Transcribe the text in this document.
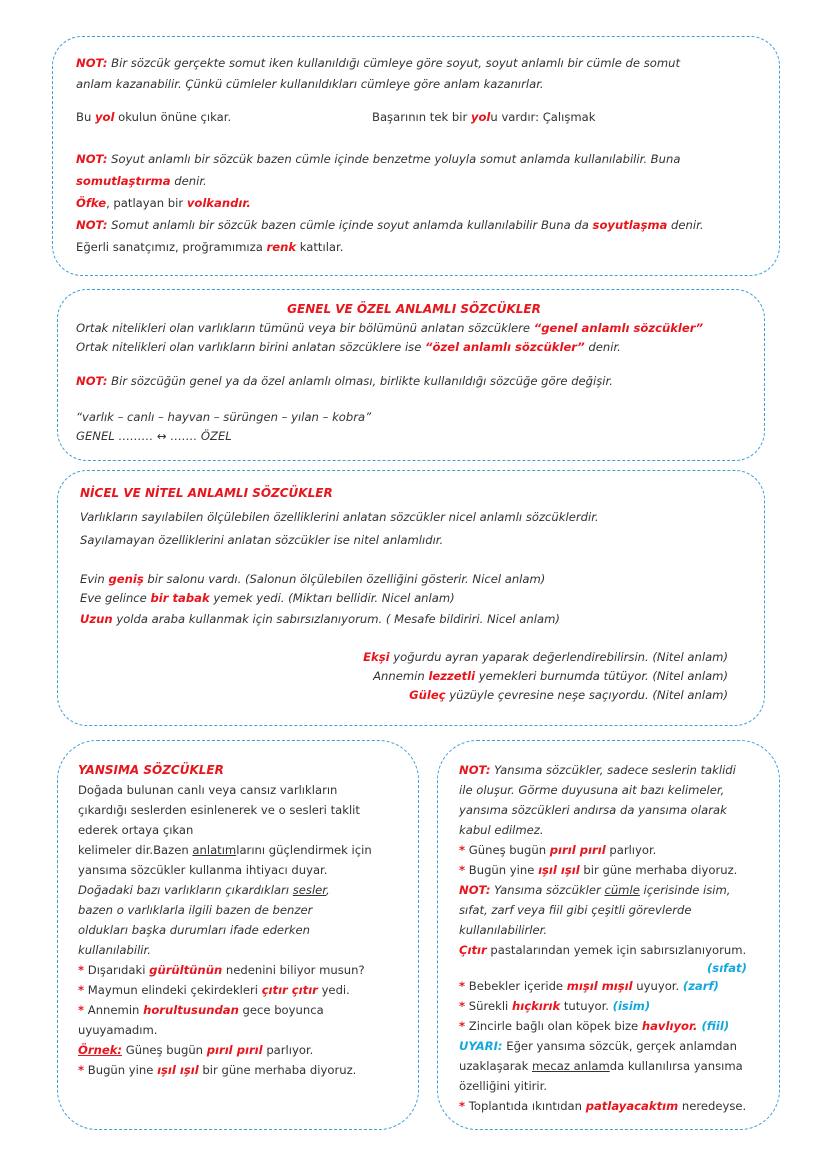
NOT: Bir sözcük gerçekte somut iken kullanıldığı cümleye göre soyut, soyut anlamlı bir cümle de somut
anlam kazanabilir. Çünkü cümleler kullanıldıkları cümleye göre anlam kazanırlar.
Bu yol okulun önüne çıkar.	Başarının tek bir yolu vardır: Çalışmak
NOT: Soyut anlamlı bir sözcük bazen cümle içinde benzetme yoluyla somut anlamda kullanılabilir. Buna
somutlaştırma denir.
Öfke, patlayan bir volkandır.
NOT: Somut anlamlı bir sözcük bazen cümle içinde soyut anlamda kullanılabilir Buna da soyutlaşma denir.
Eğerli sanatçımız, proğramımıza renk kattılar.
GENEL VE ÖZEL ANLAMLI SÖZCÜKLER
Ortak nitelikleri olan varlıkların tümünü veya bir bölümünü anlatan sözcüklere “genel anlamlı sözcükler”
Ortak nitelikleri olan varlıkların birini anlatan sözcüklere ise “özel anlamlı sözcükler” denir.
NOT: Bir sözcüğün genel ya da özel anlamlı olması, birlikte kullanıldığı sözcüğe göre değişir.
“varlık – canlı – hayvan – sürüngen – yılan – kobra”
GENEL ……… ↔ ……. ÖZEL
NİCEL VE NİTEL ANLAMLI SÖZCÜKLER
Varlıkların sayılabilen ölçülebilen özelliklerini anlatan sözcükler nicel anlamlı sözcüklerdir.
Sayılamayan özelliklerini anlatan sözcükler ise nitel anlamlıdır.
Evin geniş bir salonu vardı. (Salonun ölçülebilen özelliğini gösterir. Nicel anlam)
Eve gelince bir tabak yemek yedi. (Miktarı bellidir. Nicel anlam)
Uzun yolda araba kullanmak için sabırsızlanıyorum. ( Mesafe bildiriri. Nicel anlam)
Ekşi yoğurdu ayran yaparak değerlendirebilirsin. (Nitel anlam)
Annemin lezzetli yemekleri burnumda tütüyor. (Nitel anlam)
Güleç yüzüyle çevresine neşe saçıyordu. (Nitel anlam)
YANSIMA SÖZCÜKLER
Doğada bulunan canlı veya cansız varlıkların
çıkardığı seslerden esinlenerek ve o sesleri taklit
ederek ortaya çıkan
kelimeler dir.Bazen anlatımlarını güçlendirmek için
yansıma sözcükler kullanma ihtiyacı duyar.
Doğadaki bazı varlıkların çıkardıkları sesler,
bazen o varlıklarla ilgili bazen de benzer
oldukları başka durumları ifade ederken
kullanılabilir.
* Dışarıdaki gürültünün nedenini biliyor musun?
* Maymun elindeki çekirdekleri çıtır çıtır yedi.
* Annemin horultusundan gece boyunca
uyuyamadım.
Örnek: Güneş bugün pırıl pırıl parlıyor.
* Bugün yine ışıl ışıl bir güne merhaba diyoruz.
NOT: Yansıma sözcükler, sadece seslerin taklidi
ile oluşur. Görme duyusuna ait bazı kelimeler,
yansıma sözcükleri andırsa da yansıma olarak
kabul edilmez.
* Güneş bugün pırıl pırıl parlıyor.
* Bugün yine ışıl ışıl bir güne merhaba diyoruz.
NOT: Yansıma sözcükler cümle içerisinde isim,
sıfat, zarf veya fiil gibi çeşitli görevlerde
kullanılabilirler.
Çıtır pastalarından yemek için sabırsızlanıyorum.
(sıfat)
* Bebekler içeride mışıl mışıl uyuyor. (zarf)
* Sürekli hıçkırık tutuyor. (isim)
* Zincirle bağlı olan köpek bize havlıyor. (fiil)
UYARI: Eğer yansıma sözcük, gerçek anlamdan
uzaklaşarak mecaz anlamda kullanılırsa yansıma
özelliğini yitirir.
* Toplantıda ıkıntıdan patlayacaktım neredeyse.
